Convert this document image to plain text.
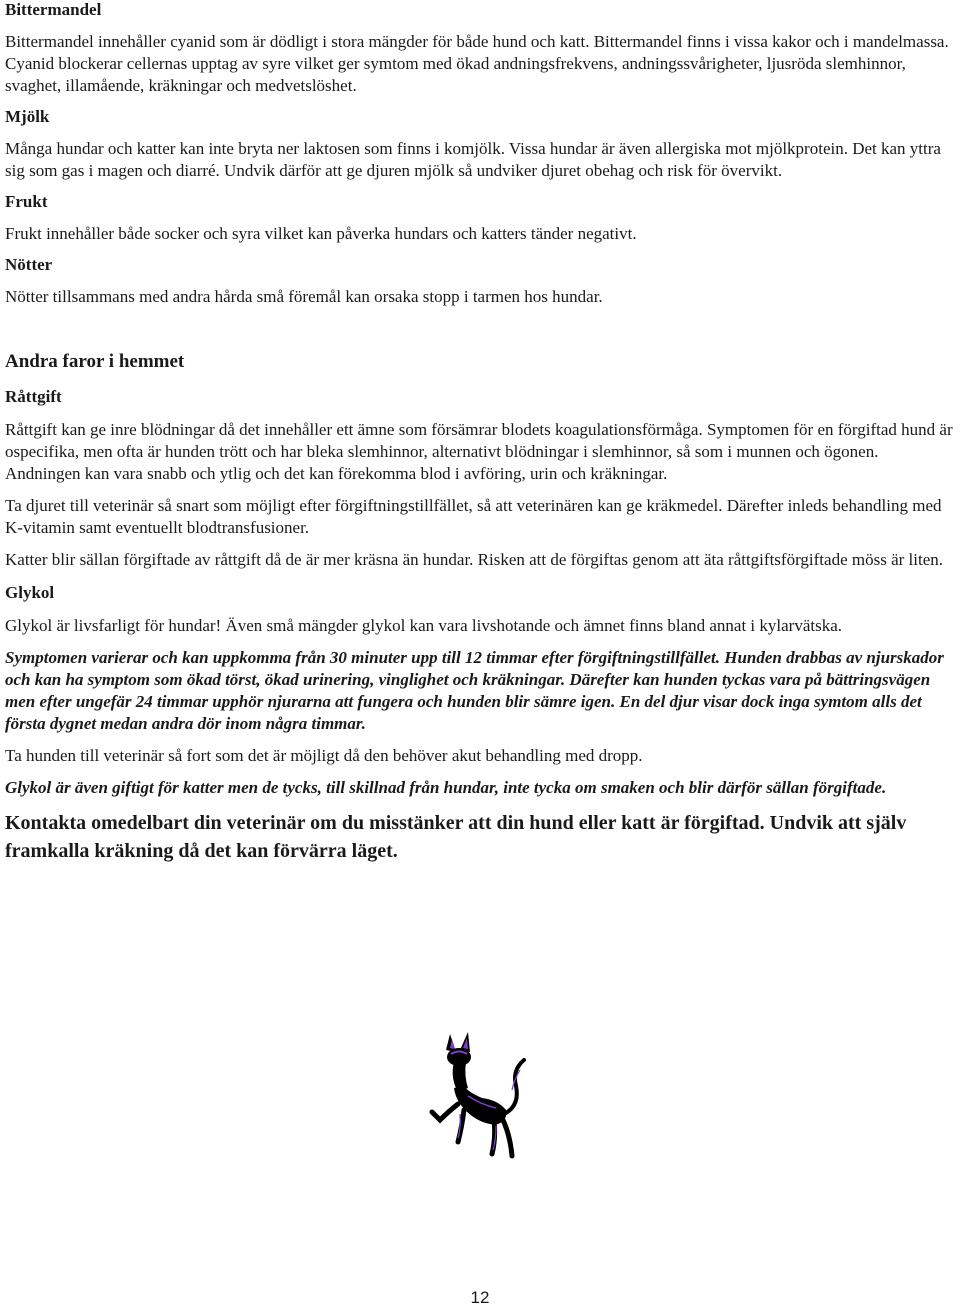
Bittermandel

Bittermandel innehåller cyanid som är dödligt i stora mängder för både hund och katt. Bittermandel finns i vissa kakor och i mandelmassa. Cyanid blockerar cellernas upptag av syre vilket ger symtom med ökad andningsfrekvens, andningssvårigheter, ljusröda slemhinnor, svaghet, illamående, kräkningar och medvetslöshet.

Mjölk

Många hundar och katter kan inte bryta ner laktosen som finns i komjölk. Vissa hundar är även allergiska mot mjölkprotein. Det kan yttra sig som gas i magen och diarré. Undvik därför att ge djuren mjölk så undviker djuret obehag och risk för övervikt.

Frukt

Frukt innehåller både socker och syra vilket kan påverka hundars och katters tänder negativt.

Nötter

Nötter tillsammans med andra hårda små föremål kan orsaka stopp i tarmen hos hundar.

Andra faror i hemmet

Råttgift

Råttgift kan ge inre blödningar då det innehåller ett ämne som försämrar blodets koagulationsförmåga. Symptomen för en förgiftad hund är ospecifika, men ofta är hunden trött och har bleka slemhinnor, alternativt blödningar i slemhinnor, så som i munnen och ögonen. Andningen kan vara snabb och ytlig och det kan förekomma blod i avföring, urin och kräkningar.

Ta djuret till veterinär så snart som möjligt efter förgiftningstillfället, så att veterinären kan ge kräkmedel. Därefter inleds behandling med K-vitamin samt eventuellt blodtransfusioner.

Katter blir sällan förgiftade av råttgift då de är mer kräsna än hundar. Risken att de förgiftas genom att äta råttgiftsförgiftade möss är liten.

Glykol

Glykol är livsfarligt för hundar! Även små mängder glykol kan vara livshotande och ämnet finns bland annat i kylarvätska.

Symptomen varierar och kan uppkomma från 30 minuter upp till 12 timmar efter förgiftningstillfället. Hunden drabbas av njurskador och kan ha symptom som ökad törst, ökad urinering, vinglighet och kräkningar. Därefter kan hunden tyckas vara på bättringsvägen men efter ungefär 24 timmar upphör njurarna att fungera och hunden blir sämre igen. En del djur visar dock inga symtom alls det första dygnet medan andra dör inom några timmar.

Ta hunden till veterinär så fort som det är möjligt då den behöver akut behandling med dropp.

Glykol är även giftigt för katter men de tycks, till skillnad från hundar, inte tycka om smaken och blir därför sällan förgiftade.

Kontakta omedelbart din veterinär om du misstänker att din hund eller katt är förgiftad. Undvik att själv framkalla kräkning då det kan förvärra läget.

12
